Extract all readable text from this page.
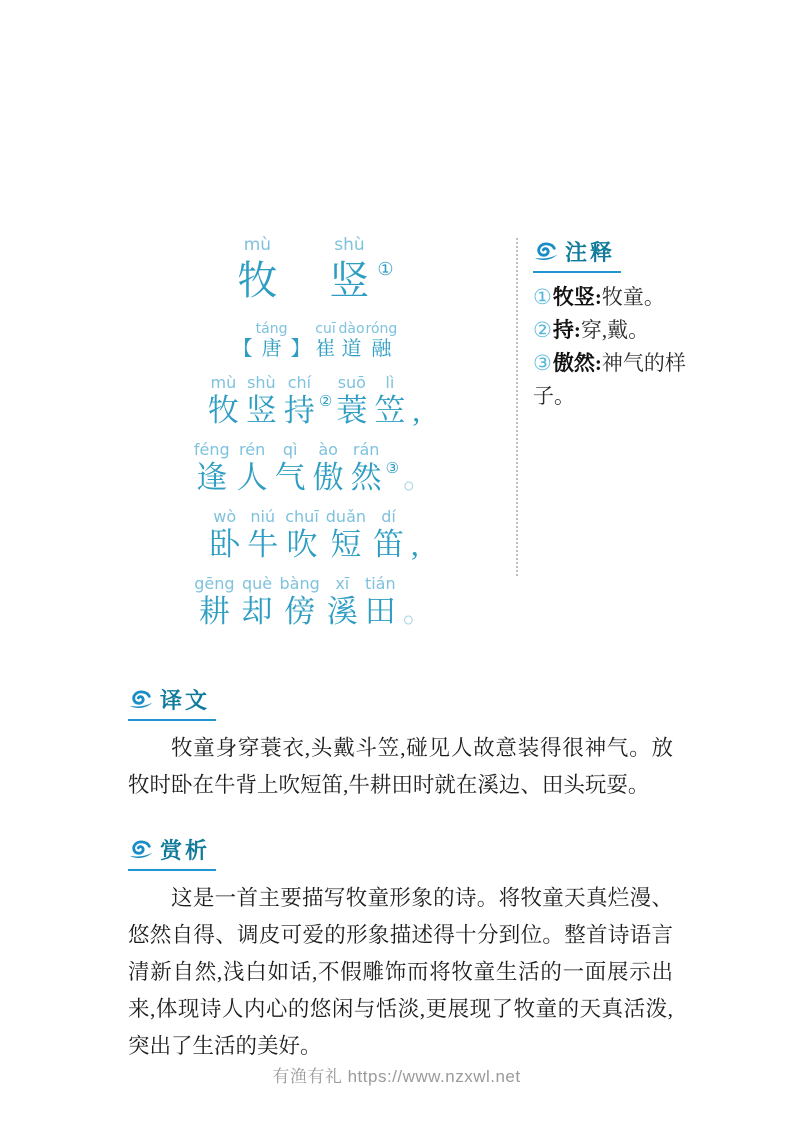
mù
牧
shù
竖 ①
【
táng
唐 】
cuī
崔
dào
道
róng
融
mù
牧
shù
竖
chí
持 ②
suō
蓑
lì
笠 ,
féng
逢
rén
人
qì
气
ào
傲
rán
然 ③ 。
wò
卧
niú
牛
chuī
吹
duǎn
短
dí
笛 ,
gēng
耕
què
却
bàng
傍
xī
溪
tián
田 。
注释
①牧竖:牧童。
②持:穿,戴。
③傲然:神气的样子。
译文

牧童身穿蓑衣,头戴斗笠,碰见人故意装得很神气。放牧时卧在牛背上吹短笛,牛耕田时就在溪边、田头玩耍。

赏析

这是一首主要描写牧童形象的诗。将牧童天真烂漫、悠然自得、调皮可爱的形象描述得十分到位。整首诗语言清新自然,浅白如话,不假雕饰而将牧童生活的一面展示出来,体现诗人内心的悠闲与恬淡,更展现了牧童的天真活泼,突出了生活的美好。

有渔有礼 https://www.nzxwl.net
